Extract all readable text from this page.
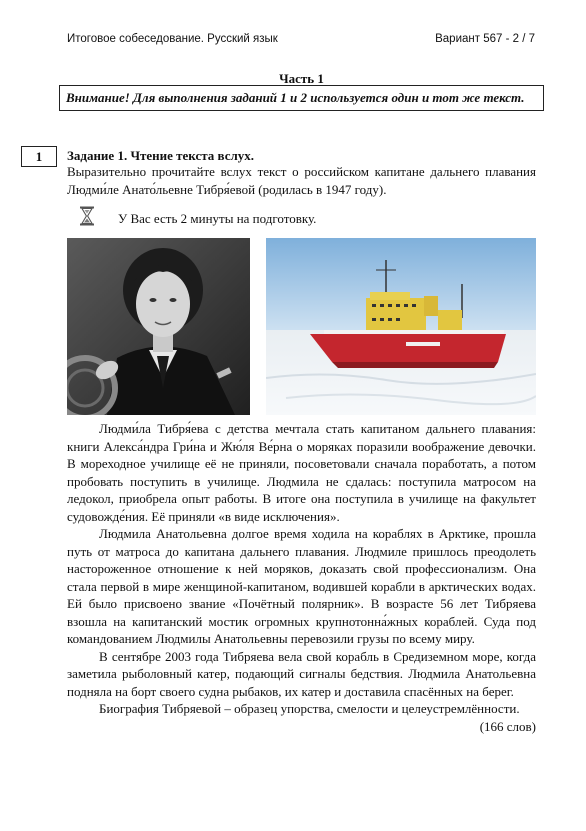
Итоговое собеседование. Русский язык	Вариант 567 - 2 / 7
Часть 1
Внимание! Для выполнения заданий 1 и 2 используется один и тот же текст.
1	Задание 1. Чтение текста вслух.
Выразительно прочитайте вслух текст о российском капитане дальнего плавания Людми́ле Анато́льевне Тибря́евой (родилась в 1947 году).
У Вас есть 2 минуты на подготовку.

Людми́ла Тибря́ева с детства мечтала стать капитаном дальнего плавания: книги Алекса́ндра Гри́на и Жю́ля Ве́рна о моряках поразили воображение девочки. В мореходное училище её не приняли, посоветовали сначала поработать, а потом пробовать поступить в училище. Людмила не сдалась: поступила матросом на ледокол, приобрела опыт работы. В итоге она поступила в училище на факультет судовожде́ния. Её приняли «в виде исключения».

Людмила Анатольевна долгое время ходила на кораблях в Арктике, прошла путь от матроса до капитана дальнего плавания. Людмиле пришлось преодолеть настороженное отношение к ней моряков, доказать свой профессионализм. Она стала первой в мире женщиной-капитаном, водившей корабли в арктических водах. Ей было присвоено звание «Почётный полярник». В возрасте 56 лет Тибряева взошла на капитанский мостик огромных крупнотонна́жных кораблей. Суда под командованием Людмилы Анатольевны перевозили грузы по всему миру.

В сентябре 2003 года Тибряева вела свой корабль в Средиземном море, когда заметила рыболовный катер, подающий сигналы бедствия. Людмила Анатольевна подняла на борт своего судна рыбаков, их катер и доставила спасённых на берег.

Биография Тибряевой – образец упорства, смелости и целеустремлённости.

(166 слов)
